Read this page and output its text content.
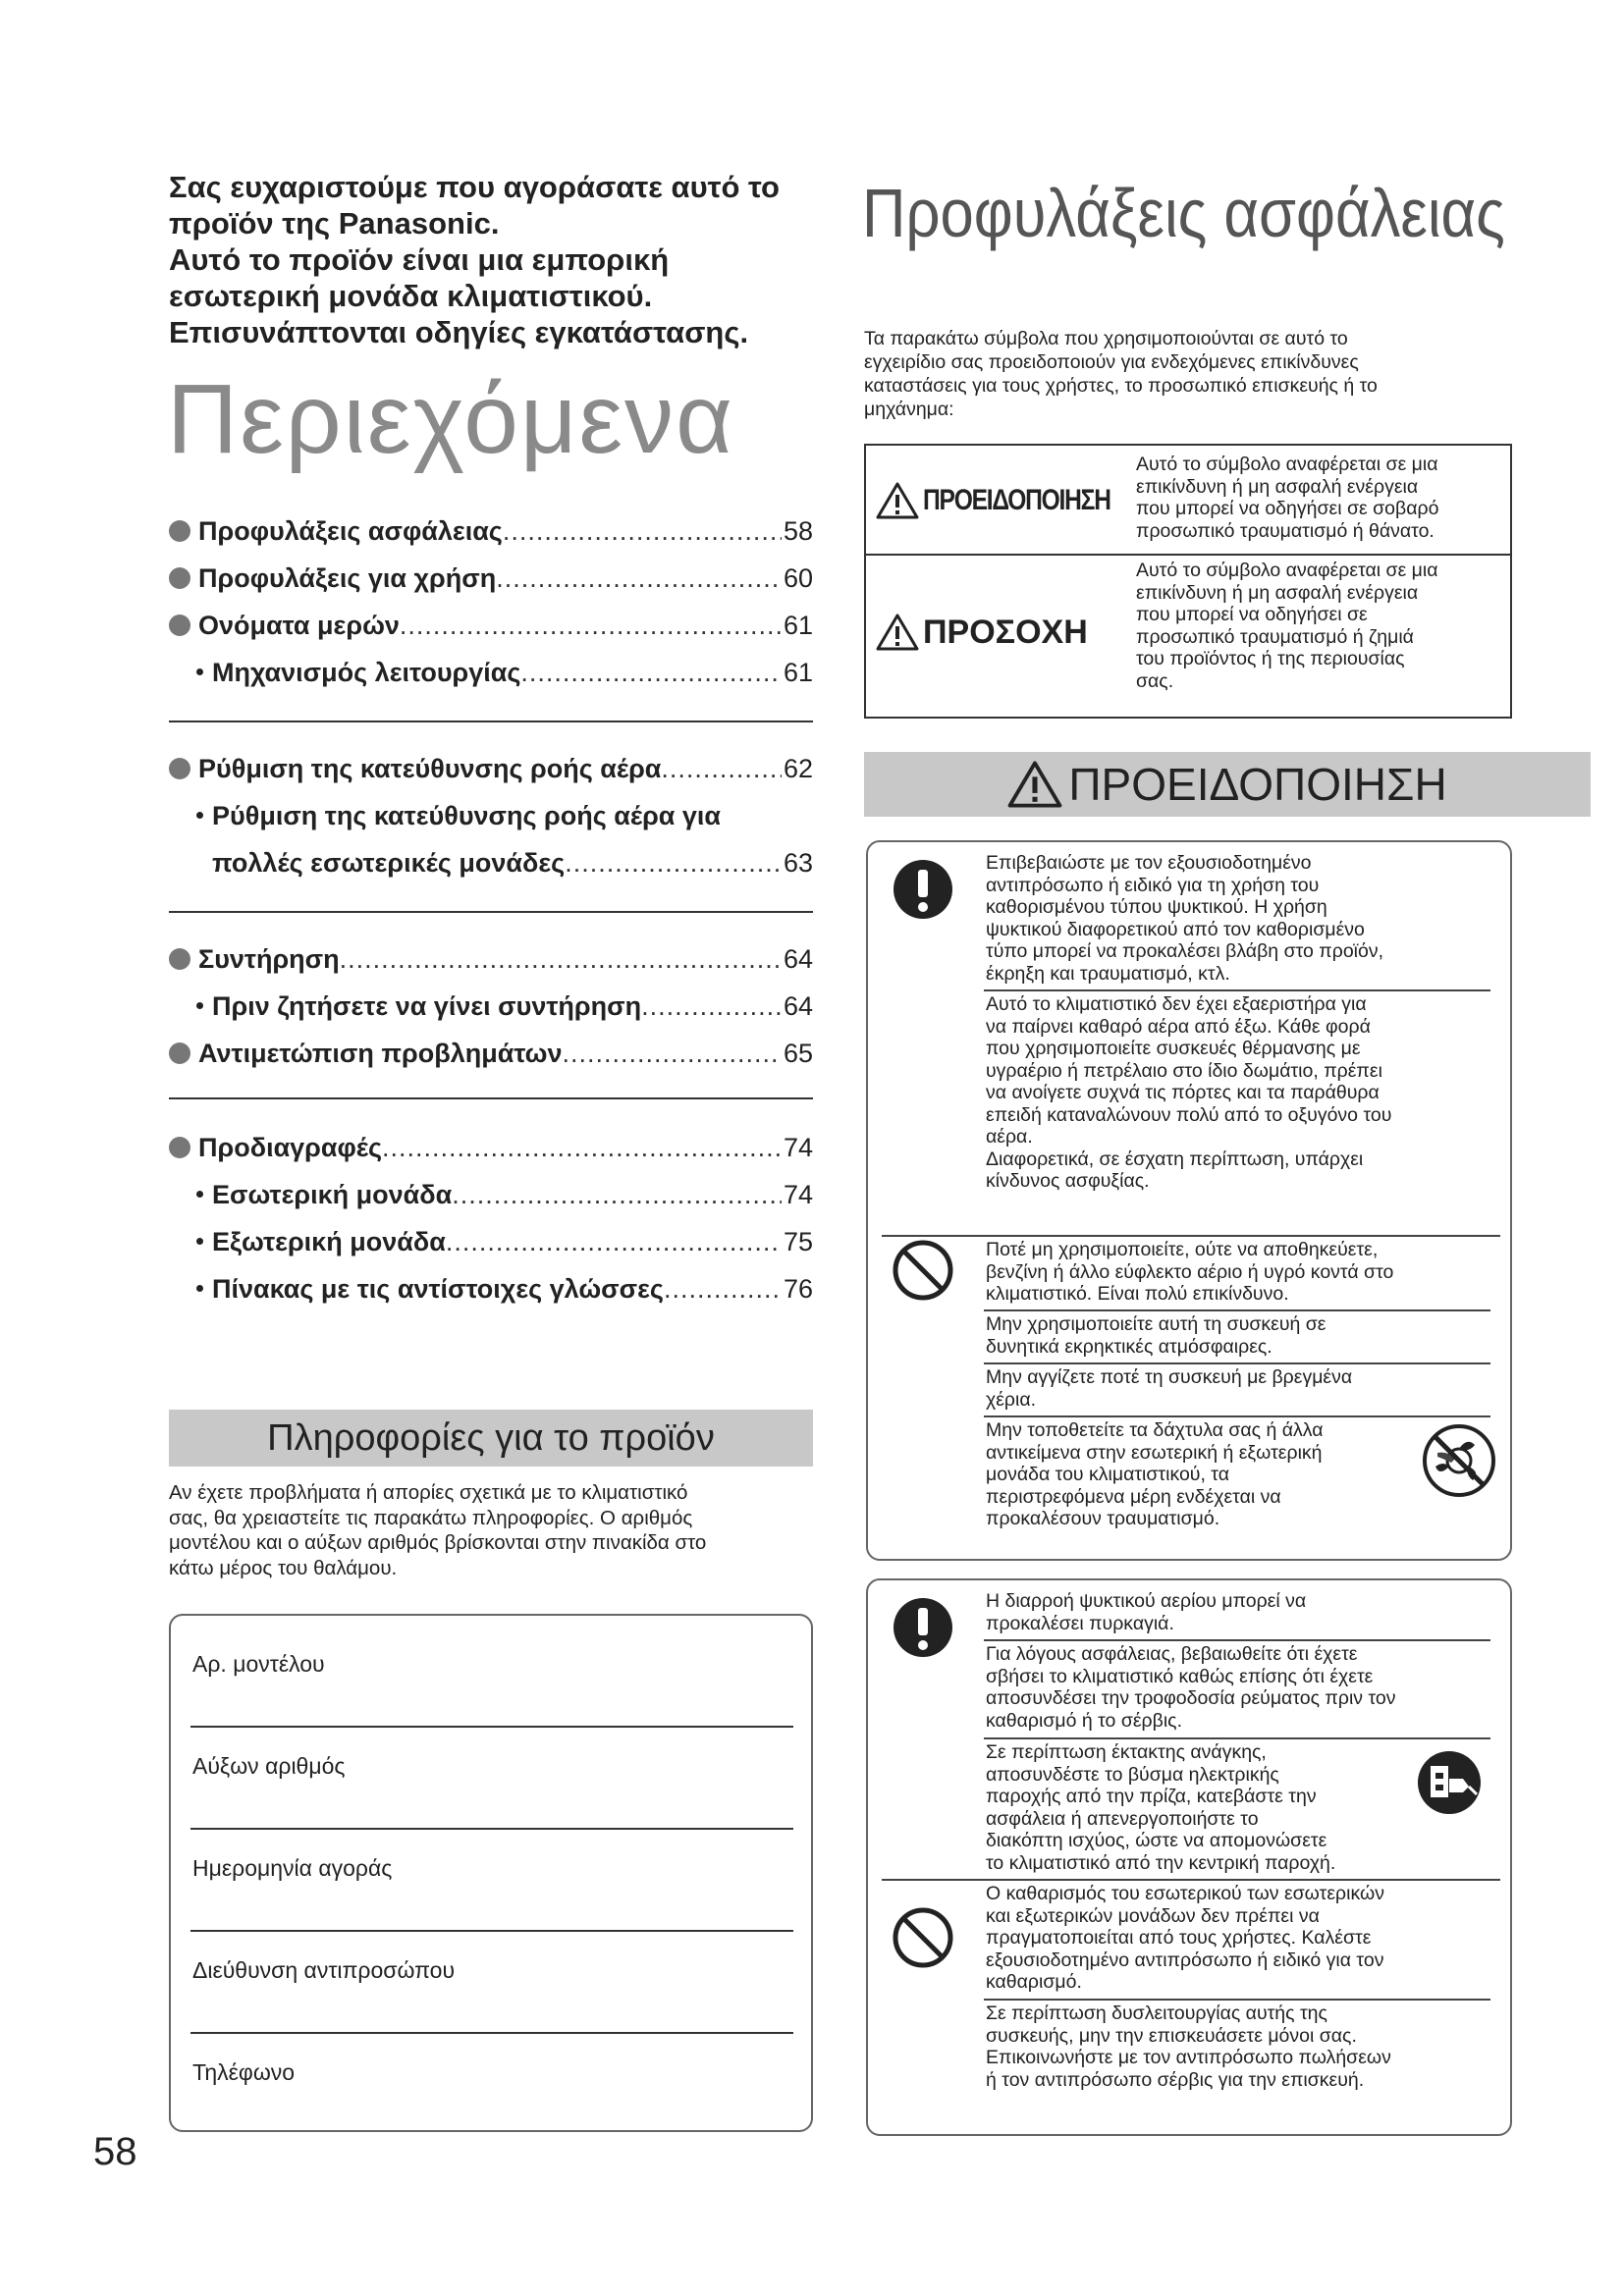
Σας ευχαριστούμε που αγοράσατε αυτό το
προϊόν της Panasonic.
Αυτό το προϊόν είναι μια εμπορική
εσωτερική μονάδα κλιματιστικού.
Επισυνάπτονται οδηγίες εγκατάστασης.
Περιεχόμενα
Προφυλάξεις ασφάλειας .....	58
Προφυλάξεις για χρήση .....	60
Ονόματα μερών .....	61
Μηχανισμός λειτουργίας .....	61
Ρύθμιση της κατεύθυνσης ροής αέρα .....	62
Ρύθμιση της κατεύθυνσης ροής αέρα για
πολλές εσωτερικές μονάδες .....	63
Συντήρηση .....	64
Πριν ζητήσετε να γίνει συντήρηση .....	64
Αντιμετώπιση προβλημάτων .....	65
Προδιαγραφές .....	74
Εσωτερική μονάδα .....	74
Εξωτερική μονάδα .....	75
Πίνακας με τις αντίστοιχες γλώσσες .....	76
Πληροφορίες για το προϊόν
Αν έχετε προβλήματα ή απορίες σχετικά με το κλιματιστικό
σας, θα χρειαστείτε τις παρακάτω πληροφορίες. Ο αριθμός
μοντέλου και ο αύξων αριθμός βρίσκονται στην πινακίδα στο
κάτω μέρος του θαλάμου.
Αρ. μοντέλου
Αύξων αριθμός
Ημερομηνία αγοράς
Διεύθυνση αντιπροσώπου
Τηλέφωνο
58
Προφυλάξεις ασφάλειας
Τα παρακάτω σύμβολα που χρησιμοποιούνται σε αυτό το
εγχειρίδιο σας προειδοποιούν για ενδεχόμενες επικίνδυνες
καταστάσεις για τους χρήστες, το προσωπικό επισκευής ή το
μηχάνημα:
ΠΡΟΕΙΔΟΠΟΙΗΣΗ
Αυτό το σύμβολο αναφέρεται σε μια
επικίνδυνη ή μη ασφαλή ενέργεια
που μπορεί να οδηγήσει σε σοβαρό
προσωπικό τραυματισμό ή θάνατο.
ΠΡΟΣΟΧΗ
Αυτό το σύμβολο αναφέρεται σε μια
επικίνδυνη ή μη ασφαλή ενέργεια
που μπορεί να οδηγήσει σε
προσωπικό τραυματισμό ή ζημιά
του προϊόντος ή της περιουσίας
σας.
ΠΡΟΕΙΔΟΠΟΙΗΣΗ
Επιβεβαιώστε με τον εξουσιοδοτημένο
αντιπρόσωπο ή ειδικό για τη χρήση του
καθορισμένου τύπου ψυκτικού. Η χρήση
ψυκτικού διαφορετικού από τον καθορισμένο
τύπο μπορεί να προκαλέσει βλάβη στο προϊόν,
έκρηξη και τραυματισμό, κτλ.
Αυτό το κλιματιστικό δεν έχει εξαεριστήρα για
να παίρνει καθαρό αέρα από έξω. Κάθε φορά
που χρησιμοποιείτε συσκευές θέρμανσης με
υγραέριο ή πετρέλαιο στο ίδιο δωμάτιο, πρέπει
να ανοίγετε συχνά τις πόρτες και τα παράθυρα
επειδή καταναλώνουν πολύ από το οξυγόνο του
αέρα.
Διαφορετικά, σε έσχατη περίπτωση, υπάρχει
κίνδυνος ασφυξίας.
Ποτέ μη χρησιμοποιείτε, ούτε να αποθηκεύετε,
βενζίνη ή άλλο εύφλεκτο αέριο ή υγρό κοντά στο
κλιματιστικό. Είναι πολύ επικίνδυνο.
Μην χρησιμοποιείτε αυτή τη συσκευή σε
δυνητικά εκρηκτικές ατμόσφαιρες.
Μην αγγίζετε ποτέ τη συσκευή με βρεγμένα
χέρια.
Μην τοποθετείτε τα δάχτυλα σας ή άλλα
αντικείμενα στην εσωτερική ή εξωτερική
μονάδα του κλιματιστικού, τα
περιστρεφόμενα μέρη ενδέχεται να
προκαλέσουν τραυματισμό.
Η διαρροή ψυκτικού αερίου μπορεί να
προκαλέσει πυρκαγιά.
Για λόγους ασφάλειας, βεβαιωθείτε ότι έχετε
σβήσει το κλιματιστικό καθώς επίσης ότι έχετε
αποσυνδέσει την τροφοδοσία ρεύματος πριν τον
καθαρισμό ή το σέρβις.
Σε περίπτωση έκτακτης ανάγκης,
αποσυνδέστε το βύσμα ηλεκτρικής
παροχής από την πρίζα, κατεβάστε την
ασφάλεια ή απενεργοποιήστε το
διακόπτη ισχύος, ώστε να απομονώσετε
το κλιματιστικό από την κεντρική παροχή.
Ο καθαρισμός του εσωτερικού των εσωτερικών
και εξωτερικών μονάδων δεν πρέπει να
πραγματοποιείται από τους χρήστες. Καλέστε
εξουσιοδοτημένο αντιπρόσωπο ή ειδικό για τον
καθαρισμό.
Σε περίπτωση δυσλειτουργίας αυτής της
συσκευής, μην την επισκευάσετε μόνοι σας.
Επικοινωνήστε με τον αντιπρόσωπο πωλήσεων
ή τον αντιπρόσωπο σέρβις για την επισκευή.
